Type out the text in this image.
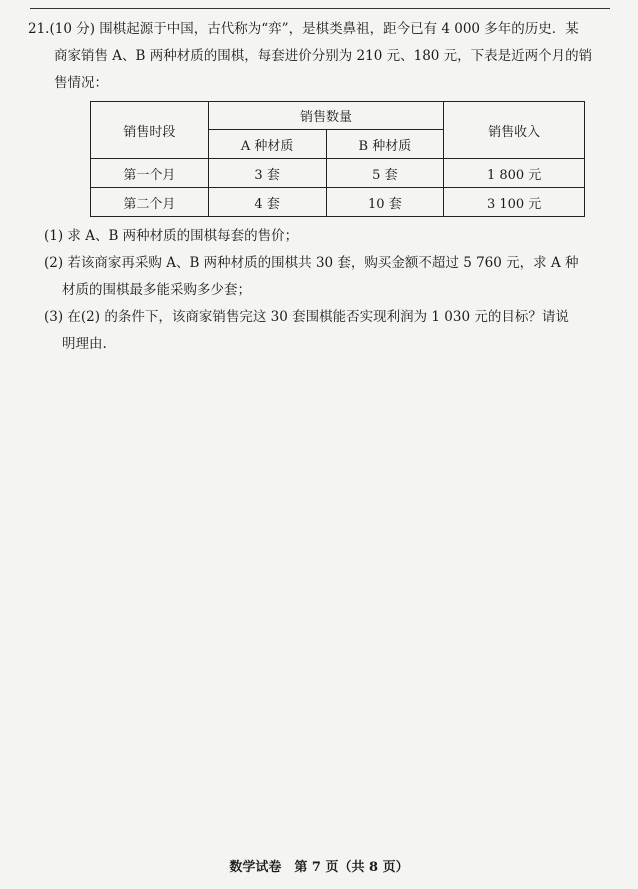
21.(10 分) 围棋起源于中国，古代称为“弈”，是棋类鼻祖，距今已有 4 000 多年的历史．某

商家销售 A、B 两种材质的围棋，每套进价分别为 210 元、180 元，下表是近两个月的销

售情况：

销售时段	销售数量		销售收入
	A 种材质	B 种材质	
第一个月	3 套	5 套	1 800 元
第二个月	4 套	10 套	3 100 元

(1) 求 A、B 两种材质的围棋每套的售价；

(2) 若该商家再采购 A、B 两种材质的围棋共 30 套，购买金额不超过 5 760 元，求 A 种

材质的围棋最多能采购多少套；

(3) 在(2) 的条件下，该商家销售完这 30 套围棋能否实现利润为 1 030 元的目标？请说

明理由.

数学试卷　第 7 页（共 8 页）
